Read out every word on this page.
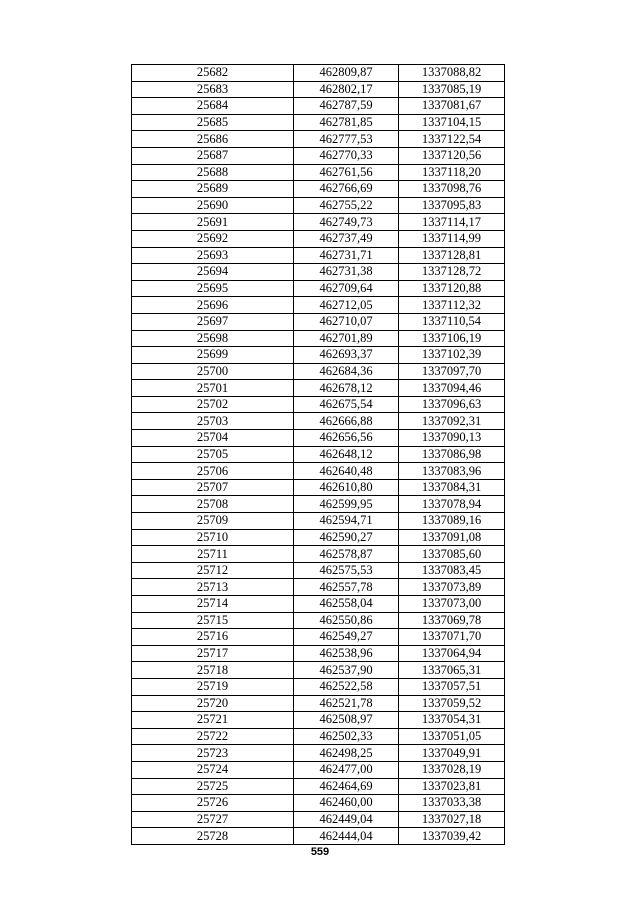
25682	462809,87	1337088,82
25683	462802,17	1337085,19
25684	462787,59	1337081,67
25685	462781,85	1337104,15
25686	462777,53	1337122,54
25687	462770,33	1337120,56
25688	462761,56	1337118,20
25689	462766,69	1337098,76
25690	462755,22	1337095,83
25691	462749,73	1337114,17
25692	462737,49	1337114,99
25693	462731,71	1337128,81
25694	462731,38	1337128,72
25695	462709,64	1337120,88
25696	462712,05	1337112,32
25697	462710,07	1337110,54
25698	462701,89	1337106,19
25699	462693,37	1337102,39
25700	462684,36	1337097,70
25701	462678,12	1337094,46
25702	462675,54	1337096,63
25703	462666,88	1337092,31
25704	462656,56	1337090,13
25705	462648,12	1337086,98
25706	462640,48	1337083,96
25707	462610,80	1337084,31
25708	462599,95	1337078,94
25709	462594,71	1337089,16
25710	462590,27	1337091,08
25711	462578,87	1337085,60
25712	462575,53	1337083,45
25713	462557,78	1337073,89
25714	462558,04	1337073,00
25715	462550,86	1337069,78
25716	462549,27	1337071,70
25717	462538,96	1337064,94
25718	462537,90	1337065,31
25719	462522,58	1337057,51
25720	462521,78	1337059,52
25721	462508,97	1337054,31
25722	462502,33	1337051,05
25723	462498,25	1337049,91
25724	462477,00	1337028,19
25725	462464,69	1337023,81
25726	462460,00	1337033,38
25727	462449,04	1337027,18
25728	462444,04	1337039,42
559
